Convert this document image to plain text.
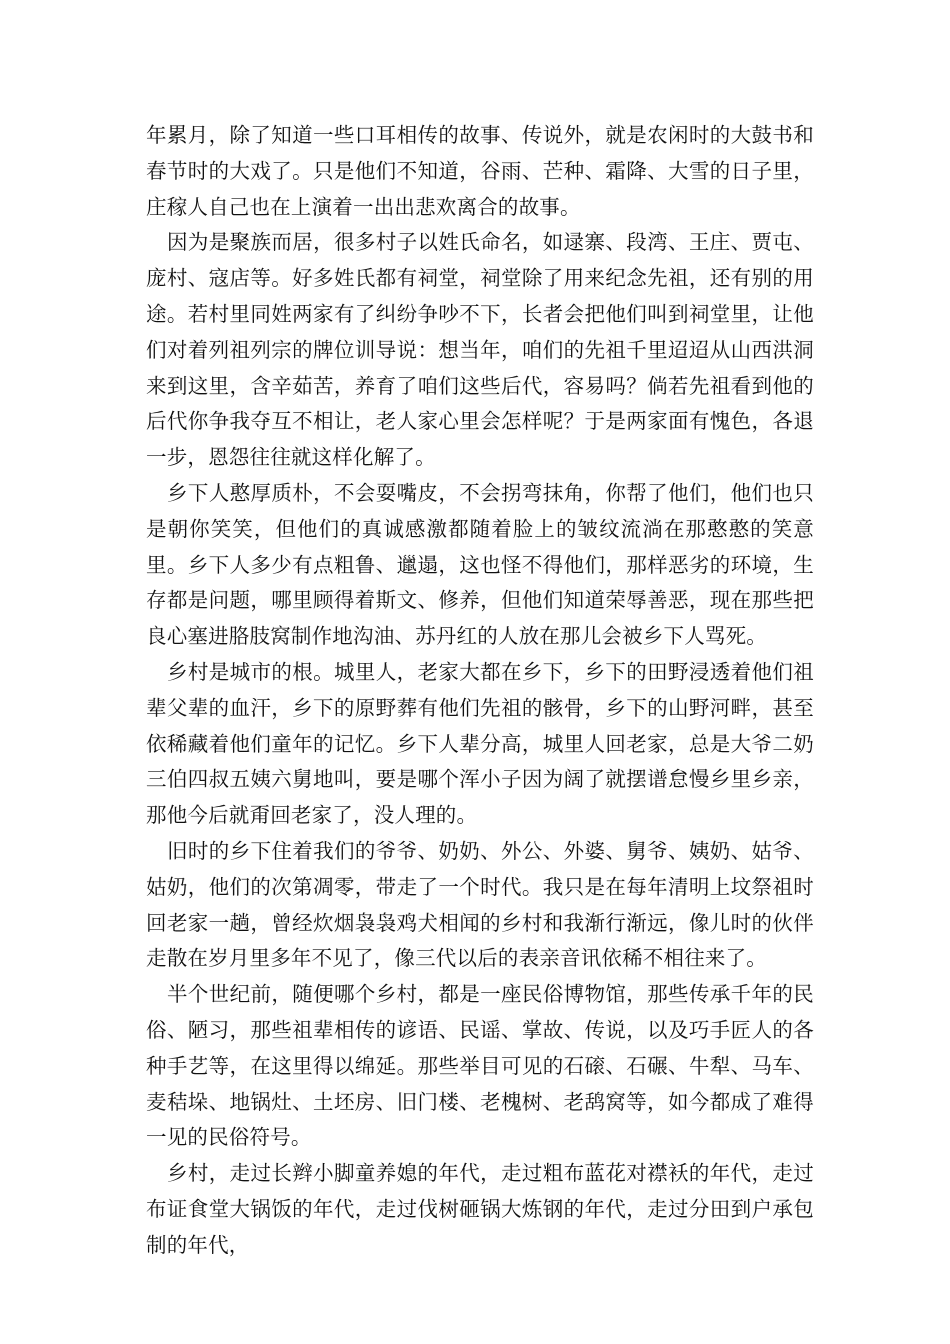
年累月，除了知道一些口耳相传的故事、传说外，就是农闲时的大鼓书和春节时的大戏了。只是他们不知道，谷雨、芒种、霜降、大雪的日子里，庄稼人自己也在上演着一出出悲欢离合的故事。

因为是聚族而居，很多村子以姓氏命名，如逯寨、段湾、王庄、贾屯、庞村、寇店等。好多姓氏都有祠堂，祠堂除了用来纪念先祖，还有别的用途。若村里同姓两家有了纠纷争吵不下，长者会把他们叫到祠堂里，让他们对着列祖列宗的牌位训导说：想当年，咱们的先祖千里迢迢从山西洪洞来到这里，含辛茹苦，养育了咱们这些后代，容易吗？倘若先祖看到他的后代你争我夺互不相让，老人家心里会怎样呢？于是两家面有愧色，各退一步，恩怨往往就这样化解了。

乡下人憨厚质朴，不会耍嘴皮，不会拐弯抹角，你帮了他们，他们也只是朝你笑笑，但他们的真诚感激都随着脸上的皱纹流淌在那憨憨的笑意里。乡下人多少有点粗鲁、邋遢，这也怪不得他们，那样恶劣的环境，生存都是问题，哪里顾得着斯文、修养，但他们知道荣辱善恶，现在那些把良心塞进胳肢窝制作地沟油、苏丹红的人放在那儿会被乡下人骂死。

乡村是城市的根。城里人，老家大都在乡下，乡下的田野浸透着他们祖辈父辈的血汗，乡下的原野葬有他们先祖的骸骨，乡下的山野河畔，甚至依稀藏着他们童年的记忆。乡下人辈分高，城里人回老家，总是大爷二奶三伯四叔五姨六舅地叫，要是哪个浑小子因为阔了就摆谱怠慢乡里乡亲，那他今后就甭回老家了，没人理的。

旧时的乡下住着我们的爷爷、奶奶、外公、外婆、舅爷、姨奶、姑爷、姑奶，他们的次第凋零，带走了一个时代。我只是在每年清明上坟祭祖时回老家一趟，曾经炊烟袅袅鸡犬相闻的乡村和我渐行渐远，像儿时的伙伴走散在岁月里多年不见了，像三代以后的表亲音讯依稀不相往来了。

半个世纪前，随便哪个乡村，都是一座民俗博物馆，那些传承千年的民俗、陋习，那些祖辈相传的谚语、民谣、掌故、传说，以及巧手匠人的各种手艺等，在这里得以绵延。那些举目可见的石磙、石碾、牛犁、马车、麦秸垛、地锅灶、土坯房、旧门楼、老槐树、老鸹窝等，如今都成了难得一见的民俗符号。

乡村，走过长辫小脚童养媳的年代，走过粗布蓝花对襟袄的年代，走过布证食堂大锅饭的年代，走过伐树砸锅大炼钢的年代，走过分田到户承包制的年代，
